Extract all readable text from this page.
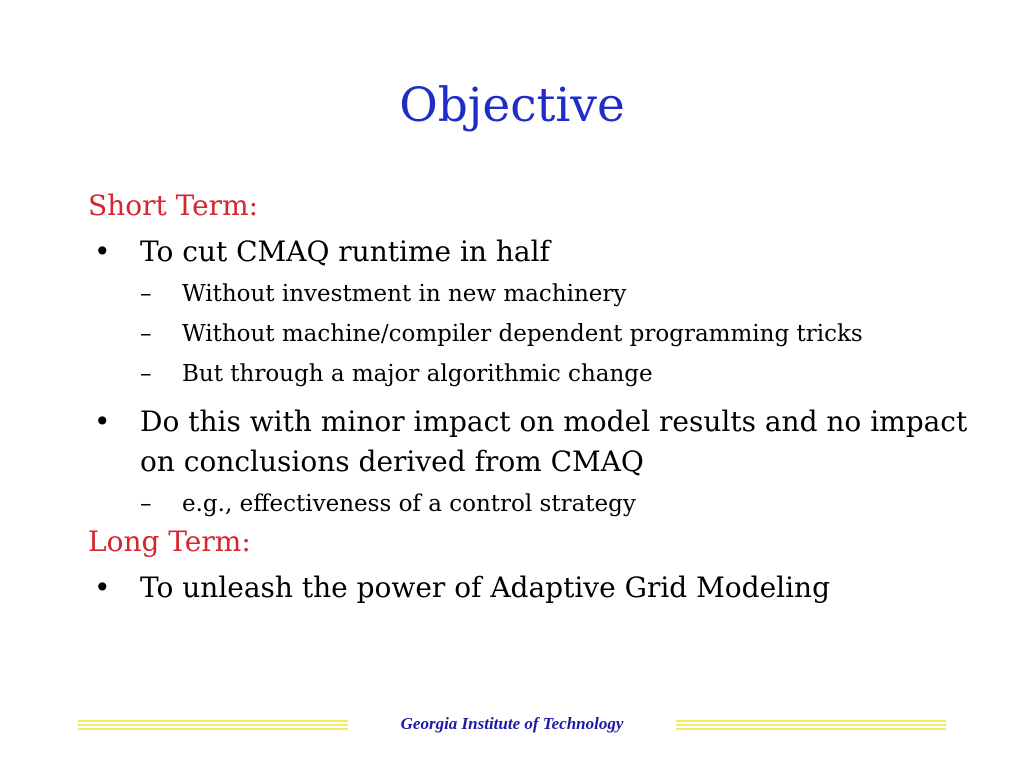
Objective
Short Term:
•	To cut CMAQ runtime in half
–	Without investment in new machinery
–	Without machine/compiler dependent programming tricks
–	But through a major algorithmic change
•	Do this with minor impact on model results and no impact on conclusions derived from CMAQ
–	e.g., effectiveness of a control strategy
Long Term:
•	To unleash the power of Adaptive Grid Modeling
Georgia Institute of Technology
